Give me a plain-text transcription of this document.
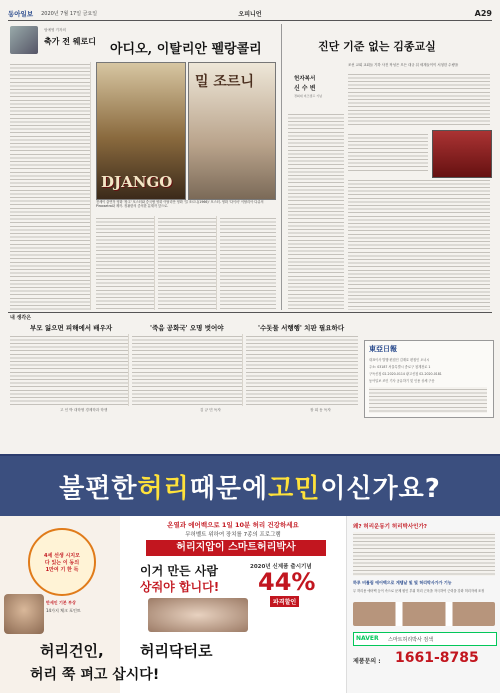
동아일보 2020년 7월 17일 금요일	오피니언	A29
엄예영 기자의
축가 전 웨로디
아디오, 이탈리안 펠랑콜리
DJANGO
밀 조르니
전세이 출연작 영화 '장고' 포스터와 중국팝 영화 이탈리안 영화 '밀 조르니(1966)' 포스터. 영화 '다이어' 이탈리아 다큐의 Piroxsetra와 제작. 정광한의 중의한 분재작 앞으로.
진단 기준 없는 김종교실
조선 교회 교회들 기하 사진 작성은 모든 대규 뒤 세계들이이 서청한 수량을
헌자복서
신 수 변
경희대 비즈캠프 기념
내 생각은
부모 잃으면 피해에서 배우자	'죽음 공화국' 오명 벗어야	'수돗물 서행행' 치판 필요하다
고 인 박 대학생 경제학과 학생	김 규 민 독자	장 희 동 독자
東亞日報
대표이사 발행·편집인 김재호 편집인 오너시
주소: 03187 서울특별시 종로구 청계천로 1
구독신청 02-2020-0114 광고신청 02-2020-0181
동아일보 조인 기사 공유하기 및 인용 상세 구문
불편한 허리 때문에 고민 이신가요?
4세 선생 시지모
다 있는 이 동의
1만여 기 한 득
만세인 기본 부상
14가지 체크 포인트
허리건인, 허리닥터로
허리 쭉 펴고 삽시다!
온열과 에어백으로 1일 10분 허리 건강하세요
무허벨트 위하여 장치를 7종의 프로그램
허리지압이 스마트허리박사
이거 만든 사람
상줘야 합니다!
2020년 신제품 출시기념
44%
파격할인
왜? 허리운동기 허리박사인가?
하루 비틀림 에어백으로 게템날 및 빛 허리박사가가 기능
무 허리용 에어백 등이 속으로 문제 원인 부위 허리 근육을 자극하여 근력을 강화 허리자세 조정
NAVER 스마트허리박사 검색
제품문의 : 1661-8785
